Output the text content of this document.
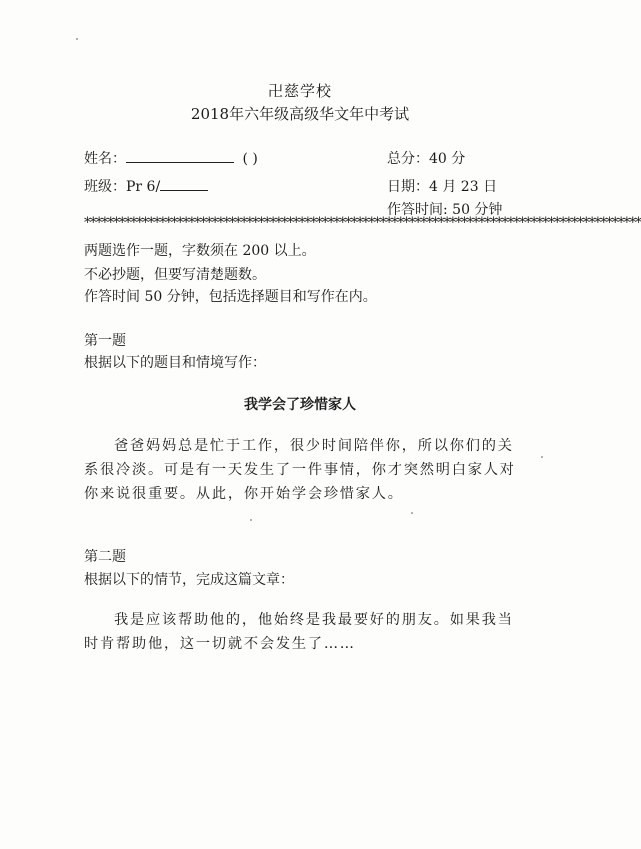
卍慈学校
2018年六年级高级华文年中考试
姓名：	( )
班级：Pr 6/
总分：40 分
日期：4 月 23 日
作答时间: 50 分钟
************************************************************************************************
两题选作一题，字数须在 200 以上。
不必抄题，但要写清楚题数。
作答时间 50 分钟，包括选择题目和写作在内。
第一题
根据以下的题目和情境写作：
我学会了珍惜家人
爸爸妈妈总是忙于工作，很少时间陪伴你，所以你们的关系很冷淡。可是有一天发生了一件事情，你才突然明白家人对你来说很重要。从此，你开始学会珍惜家人。
第二题
根据以下的情节，完成这篇文章：
我是应该帮助他的，他始终是我最要好的朋友。如果我当时肯帮助他，这一切就不会发生了……
